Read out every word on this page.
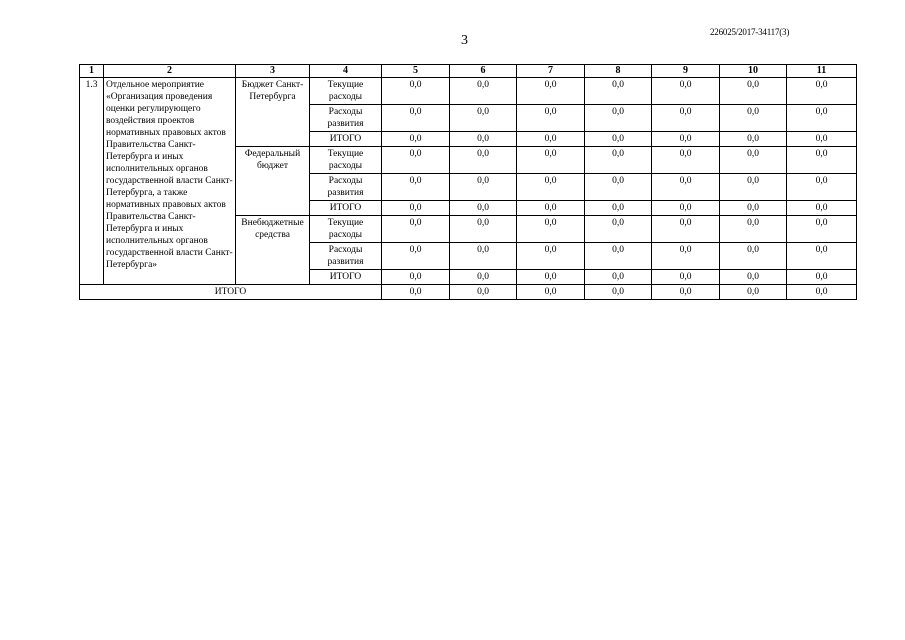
3
226025/2017-34117(3)
1	2	3	4	5	6	7	8	9	10	11
1.3	Отдельное мероприятие «Организация проведения оценки регулирующего воздействия проектов нормативных правовых актов Правительства Санкт-Петербурга и иных исполнительных органов государственной власти Санкт-Петербурга, а также нормативных правовых актов Правительства Санкт-Петербурга и иных исполнительных органов государственной власти Санкт-Петербурга»	Бюджет Санкт-Петербурга	Текущие расходы	0,0	0,0	0,0	0,0	0,0	0,0	0,0
			Расходы развития	0,0	0,0	0,0	0,0	0,0	0,0	0,0
			ИТОГО	0,0	0,0	0,0	0,0	0,0	0,0	0,0
		Федеральный бюджет	Текущие расходы	0,0	0,0	0,0	0,0	0,0	0,0	0,0
			Расходы развития	0,0	0,0	0,0	0,0	0,0	0,0	0,0
			ИТОГО	0,0	0,0	0,0	0,0	0,0	0,0	0,0
		Внебюджетные средства	Текущие расходы	0,0	0,0	0,0	0,0	0,0	0,0	0,0
			Расходы развития	0,0	0,0	0,0	0,0	0,0	0,0	0,0
			ИТОГО	0,0	0,0	0,0	0,0	0,0	0,0	0,0
ИТОГО				0,0	0,0	0,0	0,0	0,0	0,0	0,0
